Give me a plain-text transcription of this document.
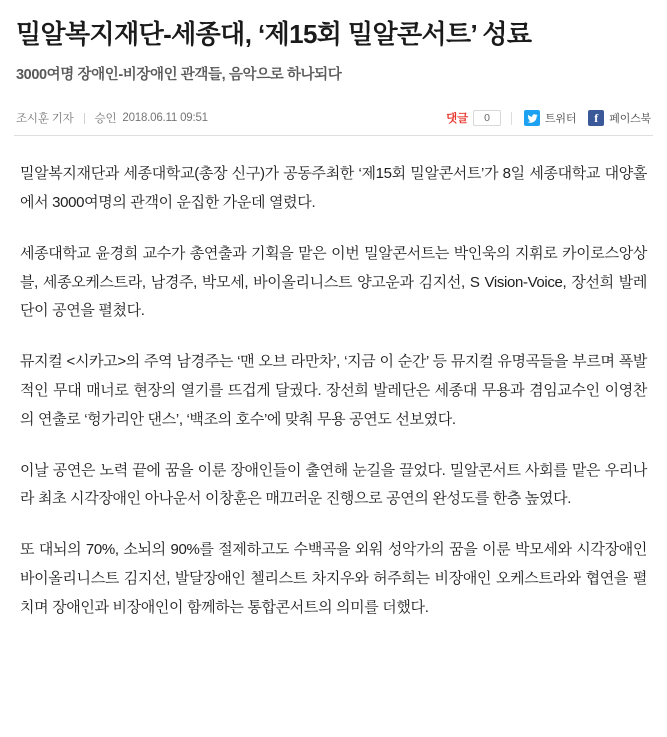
밀알복지재단-세종대, ‘제15회 밀알콘서트’ 성료
3000여명 장애인-비장애인 관객들, 음악으로 하나되다
조시훈 기자 승인 2018.06.11 09:51	댓글	0	트위터	f	페이스북

밀알복지재단과 세종대학교(총장 신구)가 공동주최한 ‘제15회 밀알콘서트’가 8일 세종대학교 대양홀에서 3000여명의 관객이 운집한 가운데 열렸다.

세종대학교 윤경희 교수가 총연출과 기획을 맡은 이번 밀알콘서트는 박인욱의 지휘로 카이로스앙상블, 세종오케스트라, 남경주, 박모세, 바이올리니스트 양고운과 김지선, S Vision-Voice, 장선희 발레단이 공연을 펼쳤다.

뮤지컬 <시카고>의 주역 남경주는 ‘맨 오브 라만차’, ‘지금 이 순간’ 등 뮤지컬 유명곡들을 부르며 폭발적인 무대 매너로 현장의 열기를 뜨겁게 달궜다. 장선희 발레단은 세종대 무용과 겸임교수인 이영찬의 연출로 ‘헝가리안 댄스’, ‘백조의 호수’에 맞춰 무용 공연도 선보였다.

이날 공연은 노력 끝에 꿈을 이룬 장애인들이 출연해 눈길을 끌었다. 밀알콘서트 사회를 맡은 우리나라 최초 시각장애인 아나운서 이창훈은 매끄러운 진행으로 공연의 완성도를 한층 높였다.

또 대뇌의 70%, 소뇌의 90%를 절제하고도 수백곡을 외워 성악가의 꿈을 이룬 박모세와 시각장애인 바이올리니스트 김지선, 발달장애인 첼리스트 차지우와 허주희는 비장애인 오케스트라와 협연을 펼치며 장애인과 비장애인이 함께하는 통합콘서트의 의미를 더했다.
